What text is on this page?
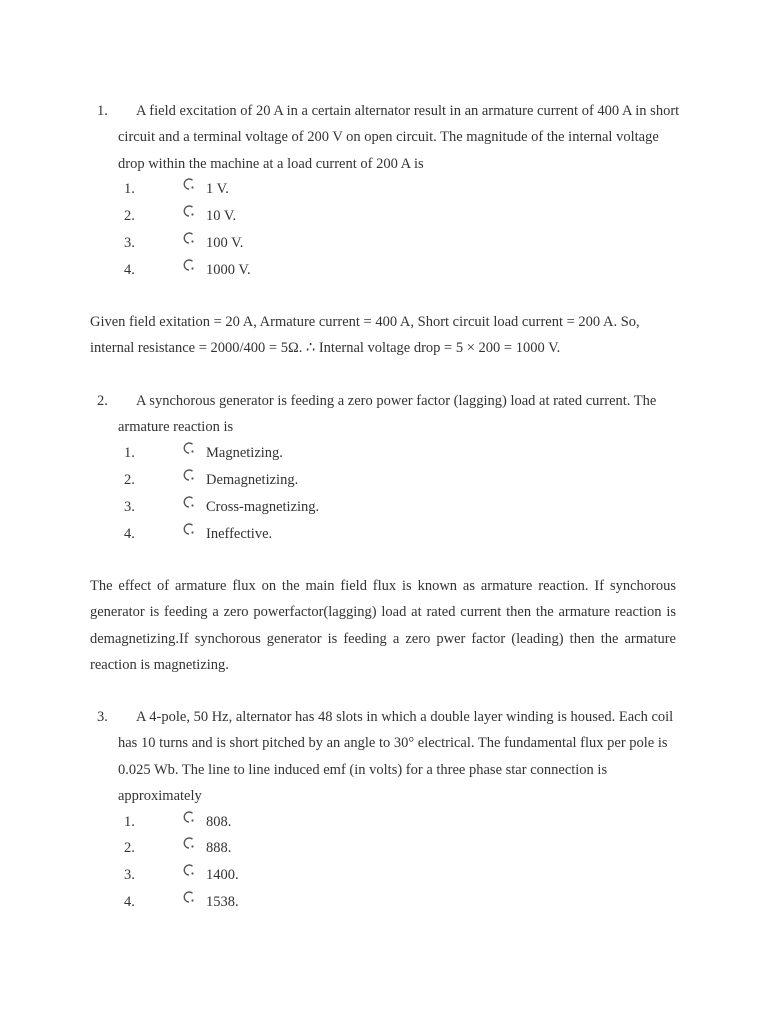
1.	A field excitation of 20 A in a certain alternator result in an armature current of 400 A in short circuit and a terminal voltage of 200 V on open circuit. The magnitude of the internal voltage drop within the machine at a load current of 200 A is

1.	1 V.
2.	10 V.
3.	100 V.
4.	1000 V.

Given field exitation = 20 A, Armature current = 400 A, Short circuit load current = 200 A. So, internal resistance = 2000/400 = 5Ω. ∴ Internal voltage drop = 5 × 200 = 1000 V.

2.	A synchorous generator is feeding a zero power factor (lagging) load at rated current. The armature reaction is

1.	Magnetizing.
2.	Demagnetizing.
3.	Cross-magnetizing.
4.	Ineffective.

The effect of armature flux on the main field flux is known as armature reaction. If synchorous generator is feeding a zero powerfactor(lagging) load at rated current then the armature reaction is demagnetizing.If synchorous generator is feeding a zero pwer factor (leading) then the armature reaction is magnetizing.

3.	A 4-pole, 50 Hz, alternator has 48 slots in which a double layer winding is housed. Each coil has 10 turns and is short pitched by an angle to 30° electrical. The fundamental flux per pole is 0.025 Wb. The line to line induced emf (in volts) for a three phase star connection is approximately

1.	808.
2.	888.
3.	1400.
4.	1538.
